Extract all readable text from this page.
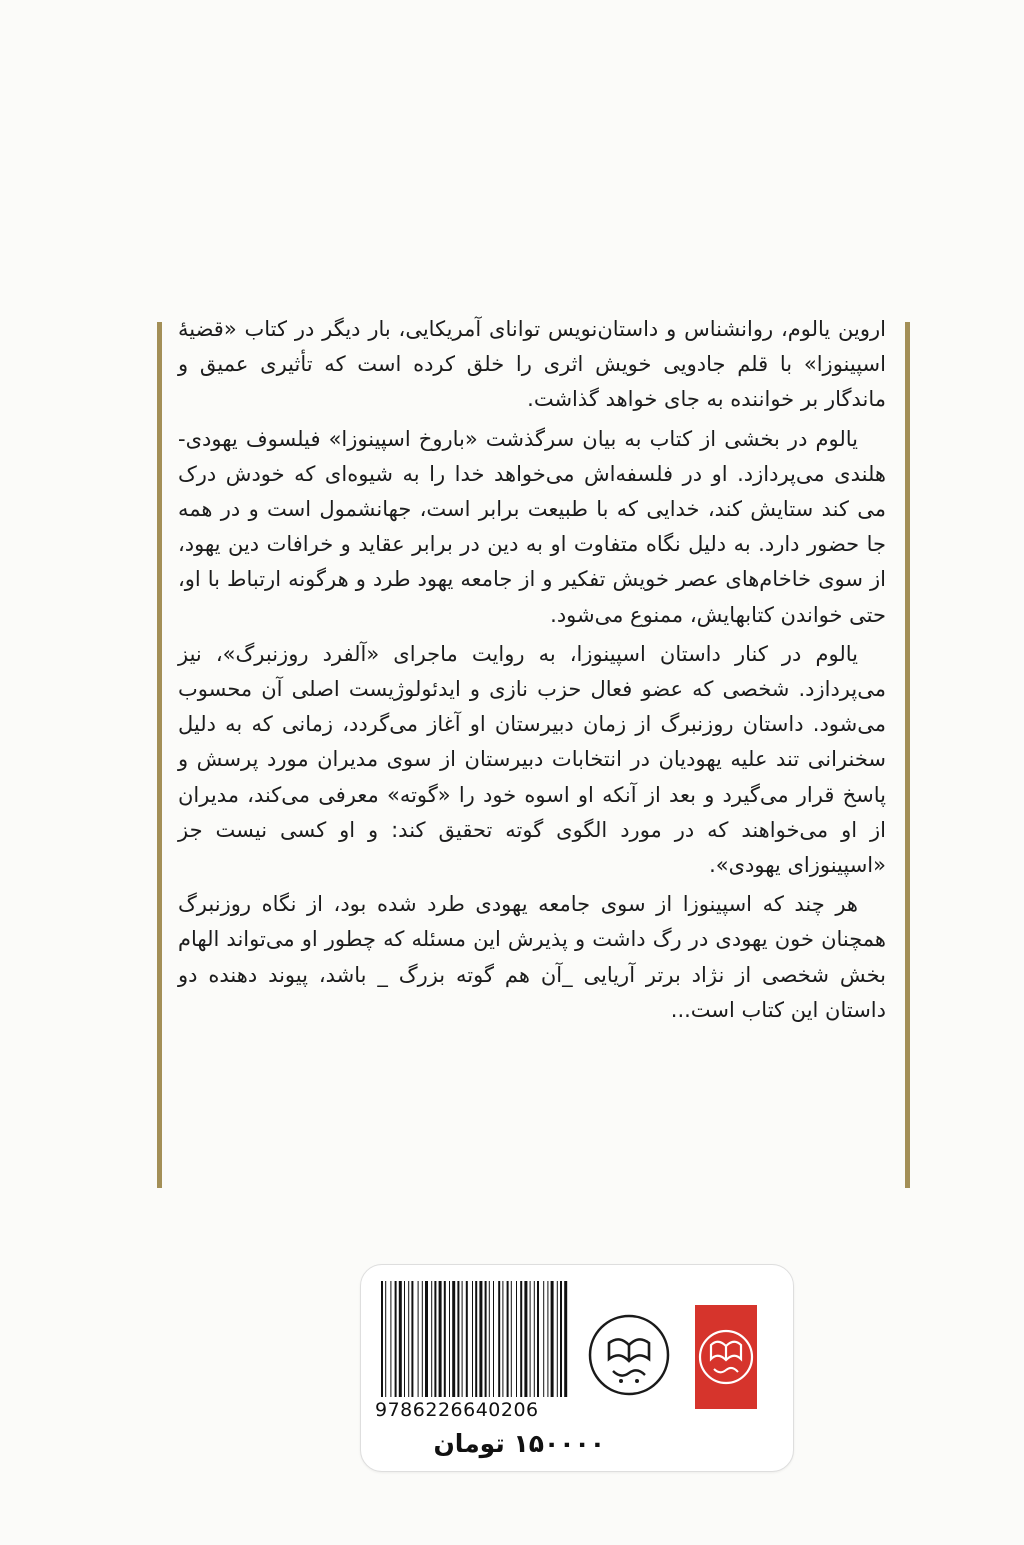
اروین یالوم، روانشناس و داستان‌نویس توانای آمریکایی، بار دیگر در کتاب «قضیهٔ اسپینوزا» با قلم جادویی خویش اثری را خلق کرده است که تأثیری عمیق و ماندگار بر خواننده به جای خواهد گذاشت.

یالوم در بخشی از کتاب به بیان سرگذشت «باروخ اسپینوزا» فیلسوف یهودی- هلندی می‌پردازد. او در فلسفه‌اش می‌خواهد خدا را به شیوه‌ای که خودش درک می کند ستایش کند، خدایی که با طبیعت برابر است، جهانشمول است و در همه جا حضور دارد. به دلیل نگاه متفاوت او به دین در برابر عقاید و خرافات دین یهود، از سوی خاخام‌های عصر خویش تفکیر و از جامعه یهود طرد و هرگونه ارتباط با او، حتی خواندن کتابهایش، ممنوع می‌شود.

یالوم در کنار داستان اسپینوزا، به روایت ماجرای «آلفرد روزنبرگ»، نیز می‌پردازد. شخصی که عضو فعال حزب نازی و ایدئولوژیست اصلی آن محسوب می‌شود. داستان روزنبرگ از زمان دبیرستان او آغاز می‌گردد، زمانی که به دلیل سخنرانی تند علیه یهودیان در انتخابات دبیرستان از سوی مدیران مورد پرسش و پاسخ قرار می‌گیرد و بعد از آنکه او اسوه خود را «گوته» معرفی می‌کند، مدیران از او می‌خواهند که در مورد الگوی گوته تحقیق کند: و او کسی نیست جز «اسپینوزای یهودی».

هر چند که اسپینوزا از سوی جامعه یهودی طرد شده بود، از نگاه روزنبرگ همچنان خون یهودی در رگ داشت و پذیرش این مسئله که چطور او می‌تواند الهام بخش شخصی از نژاد برتر آریایی _آن هم گوته بزرگ _ باشد، پیوند دهنده دو داستان این کتاب است...

9786226640206
۱۵۰۰۰۰ تومان
